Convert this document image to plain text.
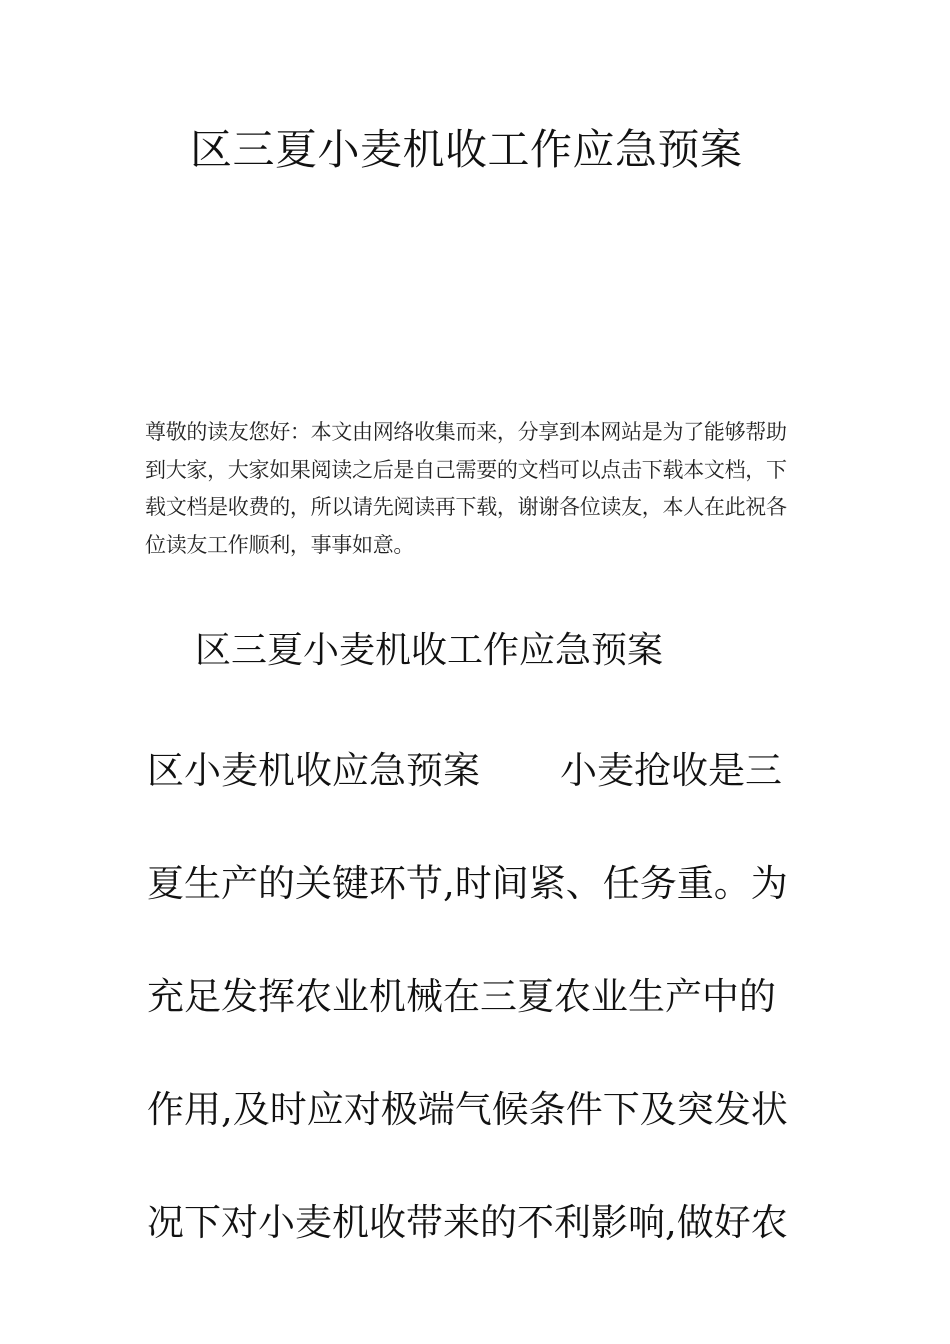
区三夏小麦机收工作应急预案

尊敬的读友您好：本文由网络收集而来，分享到本网站是为了能够帮助到大家，大家如果阅读之后是自己需要的文档可以点击下载本文档，下载文档是收费的，所以请先阅读再下载，谢谢各位读友，本人在此祝各位读友工作顺利，事事如意。

区三夏小麦机收工作应急预案
区小麦机收应急预案 小麦抢收是三
夏生产的关键环节,时间紧、任务重。为
充足发挥农业机械在三夏农业生产中的
作用,及时应对极端气候条件下及突发状
况下对小麦机收带来的不利影响,做好农
